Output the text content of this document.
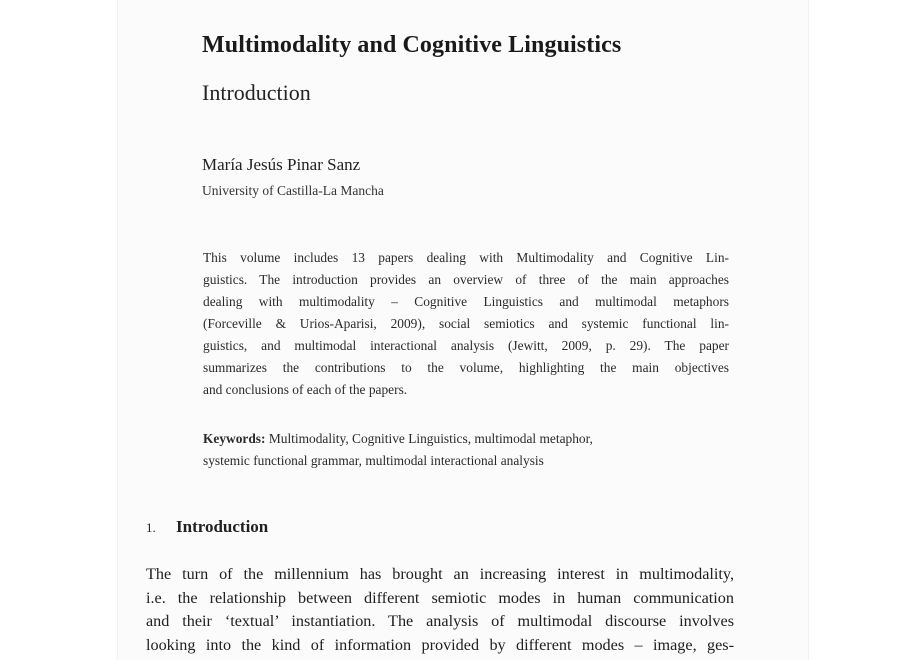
Multimodality and Cognitive Linguistics
Introduction
María Jesús Pinar Sanz
University of Castilla-La Mancha

This volume includes 13 papers dealing with Multimodality and Cognitive Lin-
guistics. The introduction provides an overview of three of the main approaches
dealing with multimodality – Cognitive Linguistics and multimodal metaphors
(Forceville & Urios-Aparisi, 2009), social semiotics and systemic functional lin-
guistics, and multimodal interactional analysis (Jewitt, 2009, p. 29). The paper
summarizes the contributions to the volume, highlighting the main objectives
and conclusions of each of the papers.

Keywords: Multimodality, Cognitive Linguistics, multimodal metaphor,
systemic functional grammar, multimodal interactional analysis
1. Introduction

The turn of the millennium has brought an increasing interest in multimodality,
i.e. the relationship between different semiotic modes in human communication
and their ‘textual’ instantiation. The analysis of multimodal discourse involves
looking into the kind of information provided by different modes – image, ges-
